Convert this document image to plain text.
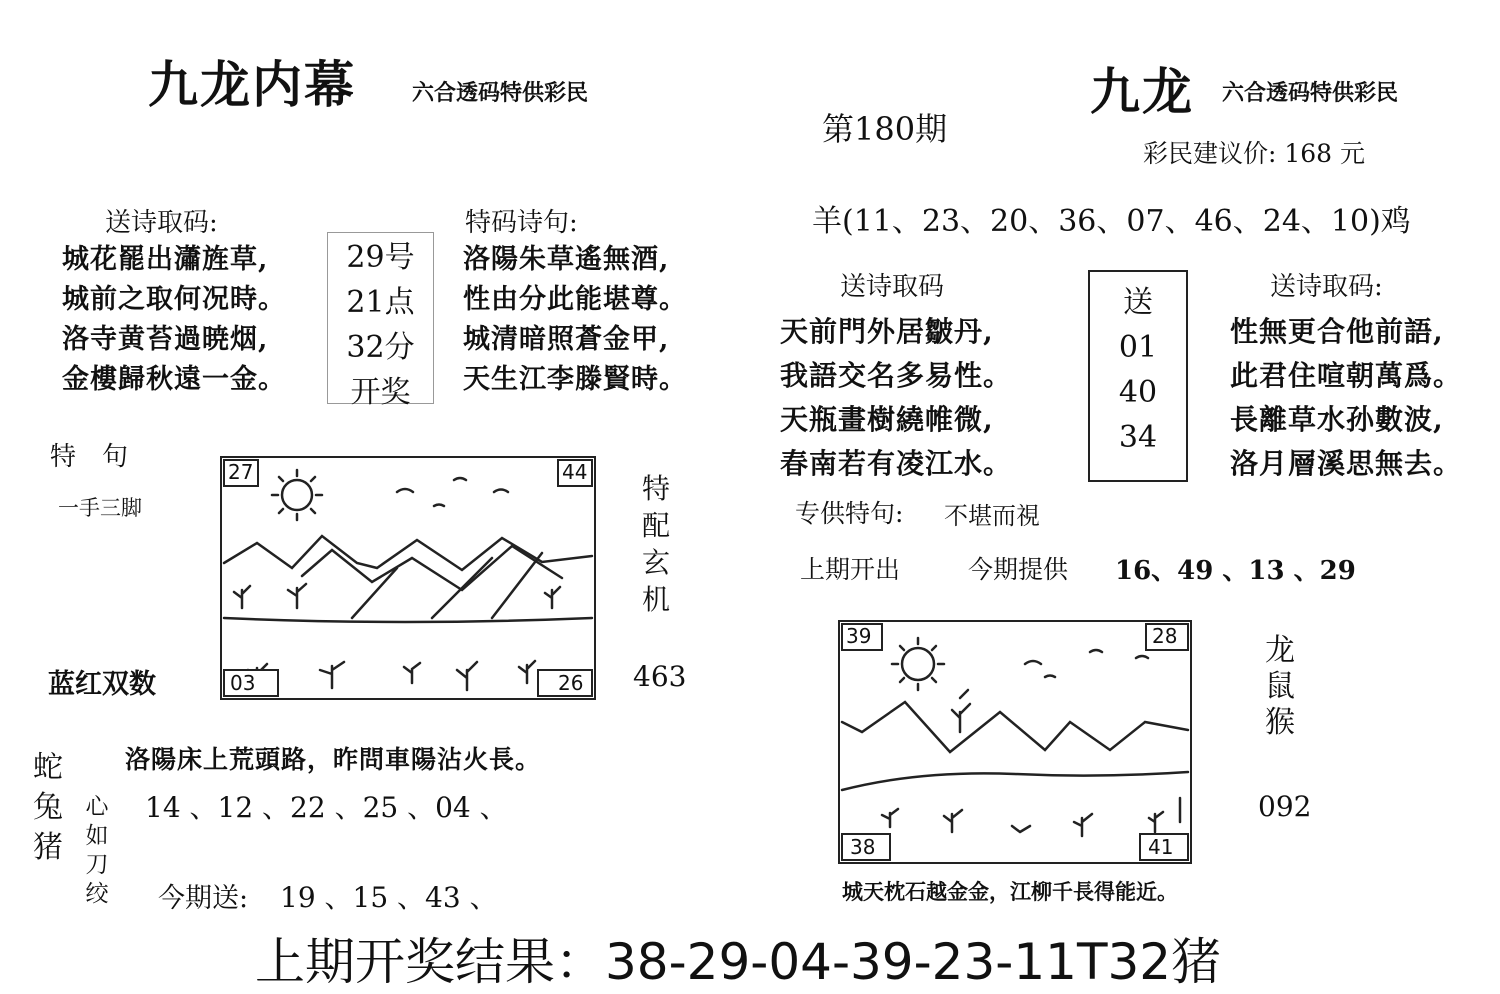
九龙内幕	六合透码特供彩民
送诗取码:
城花罷出瀟旌草,
城前之取何况時。
洛寺黄苔過暁烟,
金樓歸秋遠一金。
29号
21点
32分
开奖
特码诗句:
洛陽朱草遙無酒,
性由分此能堪尊。
城清暗照蒼金甲,
天生江李滕賢時。
特　句
一手三脚
蓝红双数
27	44
03	26
特
配
玄
机
463
洛陽床上荒頭路，昨問車陽沾火長。
蛇
兔
猪
心
如
刀
绞
14 、12 、22 、25 、04 、
今期送: 19 、15 、43 、
九龙 六合透码特供彩民
第180期
彩民建议价: 168 元
羊(11、23、20、36、07、46、24、10)鸡
送诗取码
天前門外居皺丹,
我語交名多易性。
天瓶畫樹繞帷微,
春南若有凌江水。
送
01
40
34
送诗取码:
性無更合他前語,
此君住喧朝萬爲。
長離草水孙數波,
洛月層溪思無去。
专供特句: 不堪而視
上期开出	今期提供 16、49 、13 、29
39	28
38	41
龙
鼠
猴
092
城天枕石越金金，江柳千長得能近。
上期开奖结果：38-29-04-39-23-11T32猪
